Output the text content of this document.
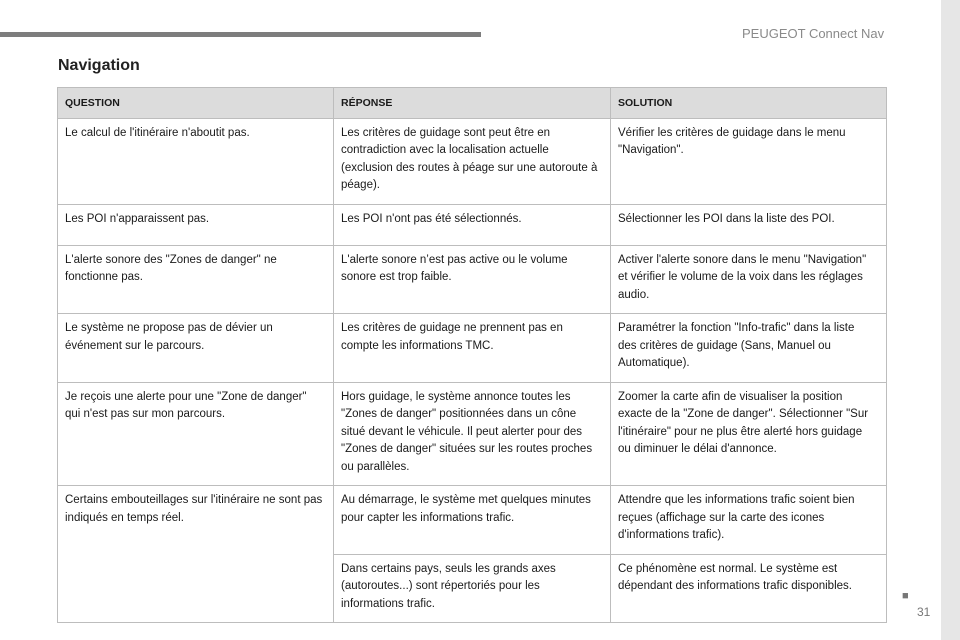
PEUGEOT Connect Nav
Navigation
QUESTION	RÉPONSE	SOLUTION
Le calcul de l'itinéraire n'aboutit pas.	Les critères de guidage sont peut être en contradiction avec la localisation actuelle (exclusion des routes à péage sur une autoroute à péage).	Vérifier les critères de guidage dans le menu "Navigation".
Les POI n'apparaissent pas.	Les POI n'ont pas été sélectionnés.	Sélectionner les POI dans la liste des POI.
L'alerte sonore des "Zones de danger" ne fonctionne pas.	L'alerte sonore n’est pas active ou le volume sonore est trop faible.	Activer l'alerte sonore dans le menu "Navigation" et vérifier le volume de la voix dans les réglages audio.
Le système ne propose pas de dévier un événement sur le parcours.	Les critères de guidage ne prennent pas en compte les informations TMC.	Paramétrer la fonction "Info-trafic" dans la liste des critères de guidage (Sans, Manuel ou Automatique).
Je reçois une alerte pour une "Zone de danger" qui n'est pas sur mon parcours.	Hors guidage, le système annonce toutes les "Zones de danger" positionnées dans un cône situé devant le véhicule. Il peut alerter pour des "Zones de danger" situées sur les routes proches ou parallèles.	Zoomer la carte afin de visualiser la position exacte de la "Zone de danger". Sélectionner "Sur l'itinéraire" pour ne plus être alerté hors guidage ou diminuer le délai d'annonce.
Certains embouteillages sur l'itinéraire ne sont pas indiqués en temps réel.	Au démarrage, le système met quelques minutes pour capter les informations trafic.	Attendre que les informations trafic soient bien reçues (affichage sur la carte des icones d'informations trafic).
	Dans certains pays, seuls les grands axes (autoroutes...) sont répertoriés pour les informations trafic.	Ce phénomène est normal. Le système est dépendant des informations trafic disponibles.
■
31
